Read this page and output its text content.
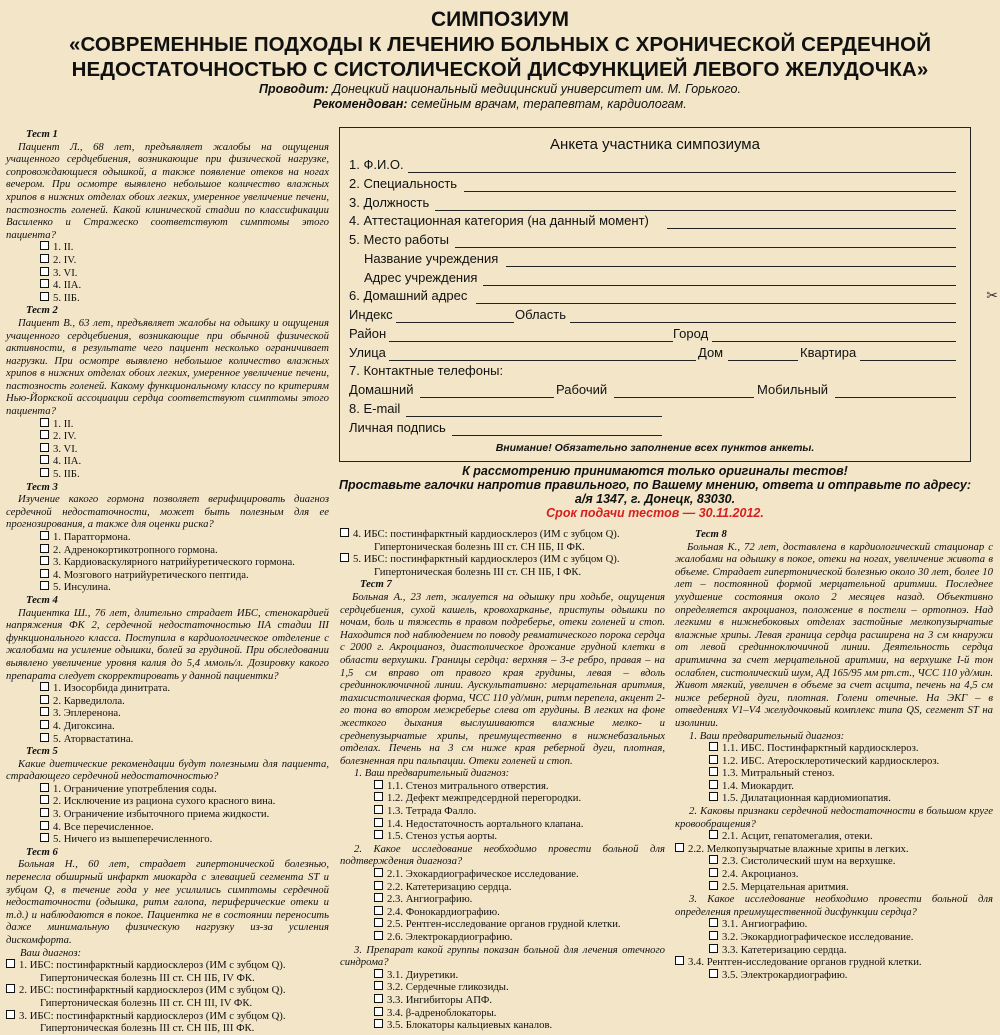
СИМПОЗИУМ
«СОВРЕМЕННЫЕ ПОДХОДЫ К ЛЕЧЕНИЮ БОЛЬНЫХ С ХРОНИЧЕСКОЙ СЕРДЕЧНОЙ
НЕДОСТАТОЧНОСТЬЮ С СИСТОЛИЧЕСКОЙ ДИСФУНКЦИЕЙ ЛЕВОГО ЖЕЛУДОЧКА»
Проводит: Донецкий национальный медицинский университет им. М. Горького.
Рекомендован: семейным врачам, терапевтам, кардиологам.

Тест 1

Пациент Л., 68 лет, предъявляет жалобы на ощущения учащенного сердцебиения, возникающие при физической нагрузке, сопровождающиеся одышкой, а также появление отеков на ногах вечером. При осмотре выявлено небольшое количество влажных хрипов в нижних отделах обоих легких, умеренное увеличение печени, пастозность голеней. Какой клинической стадии по классификации Василенко и Стражеско соответствуют симптомы этого пациента?

1. II.

2. IV.

3. VI.

4. IIA.

5. IIБ.

Тест 2

Пациент В., 63 лет, предъявляет жалобы на одышку и ощущения учащенного сердцебиения, возникающие при обычной физической активности, в результате чего пациент несколько ограничивает нагрузки. При осмотре выявлено небольшое количество влажных хрипов в нижних отделах обоих легких, умеренное увеличение печени, пастозность голеней. Какому функциональному классу по критериям Нью-Йоркской ассоциации сердца соответствуют симптомы этого пациента?

1. II.

2. IV.

3. VI.

4. IIA.

5. IIБ.

Тест 3

Изучение какого гормона позволяет верифицировать диагноз сердечной недостаточности, может быть полезным для ее прогнозирования, а также для оценки риска?

1. Паратгормона.

2. Адренокортикотропного гормона.

3. Кардиоваскулярного натрийуретического гормона.

4. Мозгового натрийуретического пептида.

5. Инсулина.

Тест 4

Пациентка Ш., 76 лет, длительно страдает ИБС, стенокардией напряжения ФК 2, сердечной недостаточностью IIA стадии III функционального класса. Поступила в кардиологическое отделение с жалобами на усиление одышки, болей за грудиной. При обследовании выявлено увеличение уровня калия до 5,4 ммоль/л. Дозировку какого препарата следует скорректировать у данной пациентки?

1. Изосорбида динитрата.

2. Карведилола.

3. Эплеренона.

4. Дигоксина.

5. Аторвастатина.

Тест 5

Какие диетические рекомендации будут полезными для пациента, страдающего сердечной недостаточностью?

1. Ограничение употребления соды.

2. Исключение из рациона сухого красного вина.

3. Ограничение избыточного приема жидкости.

4. Все перечисленное.

5. Ничего из вышеперечисленного.

Тест 6

Больная Н., 60 лет, страдает гипертонической болезнью, перенесла обширный инфаркт миокарда с элевацией сегмента ST и зубцом Q, в течение года у нее усилились симптомы сердечной недостаточности (одышка, ритм галопа, периферические отеки и т.д.) и наблюдаются в покое. Пациентка не в состоянии переносить даже минимальную физическую нагрузку из-за усиления дискомфорта.

Ваш диагноз:

1. ИБС: постинфарктный кардиосклероз (ИМ с зубцом Q). Гипертоническая болезнь III ст. СН IIБ, IV ФК.

2. ИБС: постинфарктный кардиосклероз (ИМ с зубцом Q). Гипертоническая болезнь III ст. СН III, IV ФК.

3. ИБС: постинфарктный кардиосклероз (ИМ с зубцом Q). Гипертоническая болезнь III ст. СН IIБ, III ФК.

Анкета участника симпозиума
1. Ф.И.О.
2. Специальность
3. Должность
4. Аттестационная категория (на данный момент)
5. Место работы
Название учреждения
Адрес учреждения
6. Домашний адрес
Индекс	Область
Район	Город
Улица	Дом	Квартира
7. Контактные телефоны:
Домашний	Рабочий	Мобильный
8. E-mail
Личная подпись
Внимание! Обязательно заполнение всех пунктов анкеты.
К рассмотрению принимаются только оригиналы тестов!
Проставьте галочки напротив правильного, по Вашему мнению, ответа и отправьте по адресу:
а/я 1347, г. Донецк, 83030.
Срок подачи тестов — 30.11.2012.

4. ИБС: постинфарктный кардиосклероз (ИМ с зубцом Q). Гипертоническая болезнь III ст. СН IIБ, II ФК.

5. ИБС: постинфарктный кардиосклероз (ИМ с зубцом Q). Гипертоническая болезнь III ст. СН IIБ, I ФК.

Тест 7

Больная А., 23 лет, жалуется на одышку при ходьбе, ощущения сердцебиения, сухой кашель, кровохарканье, приступы одышки по ночам, боль и тяжесть в правом подреберье, отеки голеней и стоп. Находится под наблюдением по поводу ревматического порока сердца с 2000 г. Акроцианоз, диастолическое дрожание грудной клетки в области верхушки. Границы сердца: верхняя – 3-е ребро, правая – на 1,5 см вправо от правого края грудины, левая – вдоль срединноключичной линии. Аускультативно: мерцательная аритмия, тахисистолическая форма, ЧСС 110 уд/мин, ритм перепела, акцент 2-го тона во втором межреберье слева от грудины. В легких на фоне жесткого дыхания выслушиваются влажные мелко- и среднепузырчатые хрипы, преимущественно в нижнебазальных отделах. Печень на 3 см ниже края реберной дуги, плотная, болезненная при пальпации. Отеки голеней и стоп.

1. Ваш предварительный диагноз:

1.1. Стеноз митрального отверстия.

1.2. Дефект межпредсердной перегородки.

1.3. Тетрада Фалло.

1.4. Недостаточность аортального клапана.

1.5. Стеноз устья аорты.

2. Какое исследование необходимо провести больной для подтверждения диагноза?

2.1. Эхокардиографическое исследование.

2.2. Катетеризацию сердца.

2.3. Ангиографию.

2.4. Фонокардиографию.

2.5. Рентген-исследование органов грудной клетки.

2.6. Электрокардиографию.

3. Препарат какой группы показан больной для лечения отечного синдрома?

3.1. Диуретики.

3.2. Сердечные гликозиды.

3.3. Ингибиторы АПФ.

3.4. β-адреноблокаторы.

3.5. Блокаторы кальциевых каналов.

Тест 8

Больная К., 72 лет, доставлена в кардиологический стационар с жалобами на одышку в покое, отеки на ногах, увеличение живота в объеме. Страдает гипертонической болезнью около 30 лет, более 10 лет – постоянной формой мерцательной аритмии. Последнее ухудшение состояния около 2 месяцев назад. Объективно определяется акроцианоз, положение в постели – ортопноэ. Над легкими в нижнебоковых отделах застойные мелкопузырчатые влажные хрипы. Левая граница сердца расширена на 3 см кнаружи от левой срединноключичной линии. Деятельность сердца аритмична за счет мерцательной аритмии, на верхушке I-й тон ослаблен, систолический шум, АД 165/95 мм рт.ст., ЧСС 110 уд/мин. Живот мягкий, увеличен в объеме за счет асцита, печень на 4,5 см ниже реберной дуги, плотная. Голени отечные. На ЭКГ – в отведениях V1–V4 желудочковый комплекс типа QS, сегмент ST на изолинии.

1. Ваш предварительный диагноз:

1.1. ИБС. Постинфарктный кардиосклероз.

1.2. ИБС. Атеросклеротический кардиосклероз.

1.3. Митральный стеноз.

1.4. Миокардит.

1.5. Дилатационная кардиомиопатия.

2. Каковы признаки сердечной недостаточности в большом круге кровообращения?

2.1. Асцит, гепатомегалия, отеки.

2.2. Мелкопузырчатые влажные хрипы в легких.

2.3. Систолический шум на верхушке.

2.4. Акроцианоз.

2.5. Мерцательная аритмия.

3. Какое исследование необходимо провести больной для определения преимущественной дисфункции сердца?

3.1. Ангиографию.

3.2. Экокардиографическое исследование.

3.3. Катетеризацию сердца.

3.4. Рентген-исследование органов грудной клетки.

3.5. Электрокардиографию.

✂
